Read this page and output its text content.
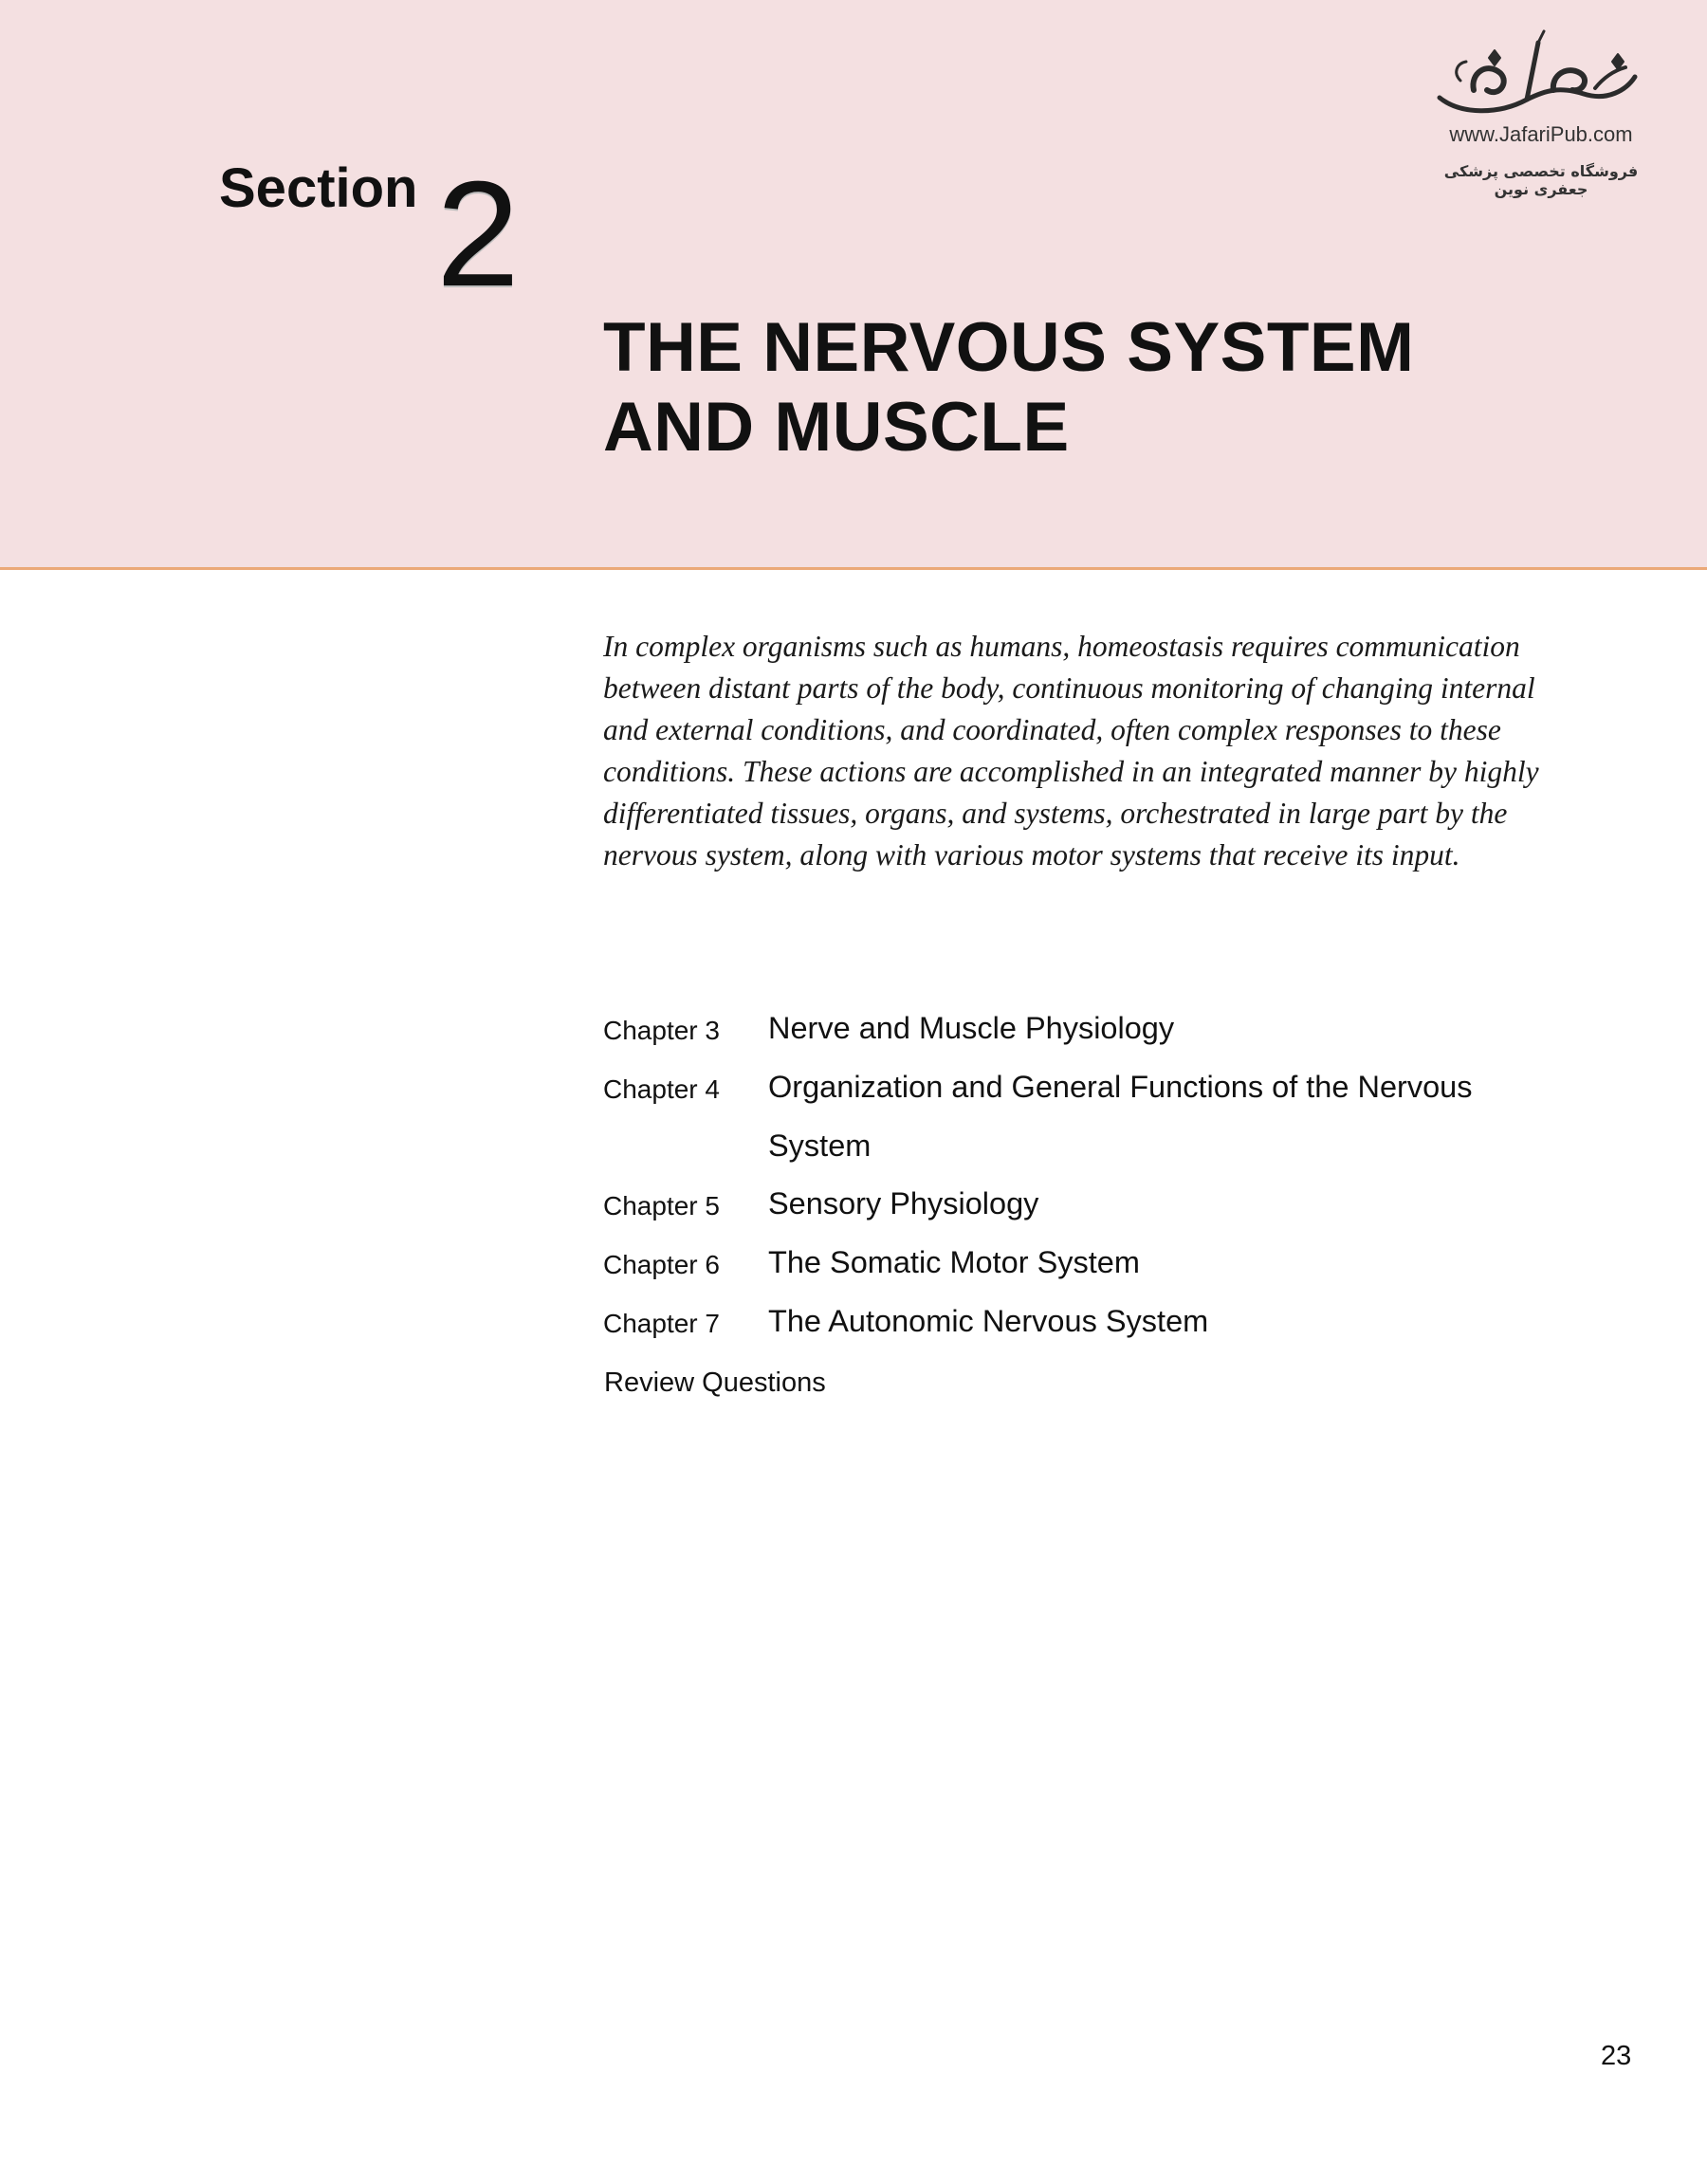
Section 2
THE NERVOUS SYSTEM
AND MUSCLE
www.JafariPub.com
فروشگاه تخصصی پزشکی جعفری نوین
In complex organisms such as humans, homeostasis requires communication
between distant parts of the body, continuous monitoring of changing internal
and external conditions, and coordinated, often complex responses to these
conditions. These actions are accomplished in an integrated manner by highly
differentiated tissues, organs, and systems, orchestrated in large part by the
nervous system, along with various motor systems that receive its input.
Chapter 3 Nerve and Muscle Physiology
Chapter 4 Organization and General Functions of the Nervous System
Chapter 5 Sensory Physiology
Chapter 6 The Somatic Motor System
Chapter 7 The Autonomic Nervous System
Review Questions
23
